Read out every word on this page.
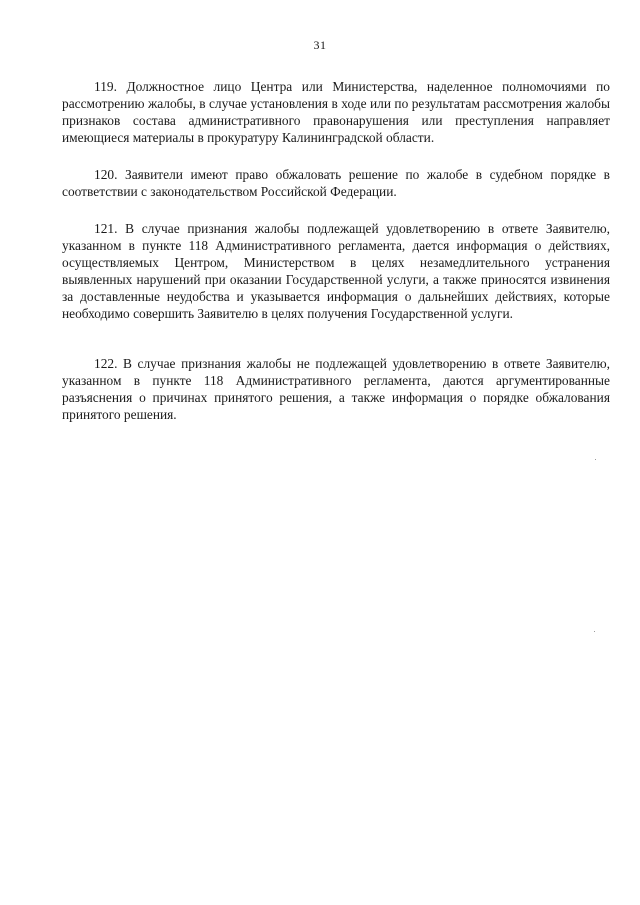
31

119. Должностное лицо Центра или Министерства, наделенное полномочиями по рассмотрению жалобы, в случае установления в ходе или по результатам рассмотрения жалобы признаков состава административного правонарушения или преступления направляет имеющиеся материалы в прокуратуру Калининградской области.

120. Заявители имеют право обжаловать решение по жалобе в судебном порядке в соответствии с законодательством Российской Федерации.

121. В случае признания жалобы подлежащей удовлетворению в ответе Заявителю, указанном в пункте 118 Административного регламента, дается информация о действиях, осуществляемых Центром, Министерством в целях незамедлительного устранения выявленных нарушений при оказании Государственной услуги, а также приносятся извинения за доставленные неудобства и указывается информация о дальнейших действиях, которые необходимо совершить Заявителю в целях получения Государственной услуги.

122. В случае признания жалобы не подлежащей удовлетворению в ответе Заявителю, указанном в пункте 118 Административного регламента, даются аргументированные разъяснения о причинах принятого решения, а также информация о порядке обжалования принятого решения.
